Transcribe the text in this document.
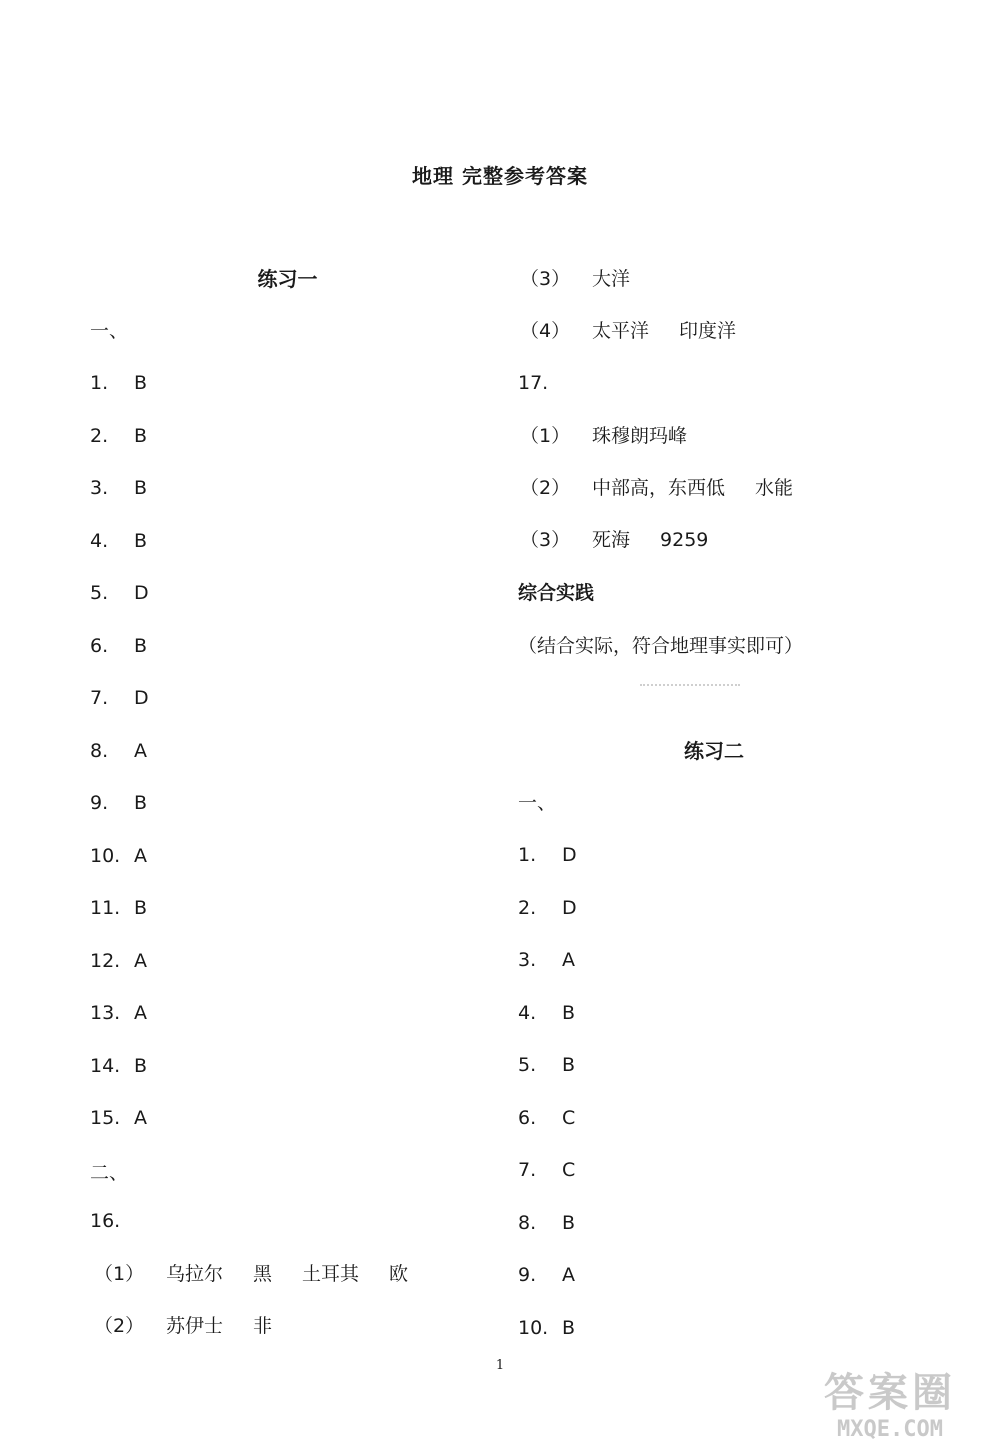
地理 完整参考答案
练习一
一、
1. B
2. B
3. B
4. B
5. D
6. B
7. D
8. A
9. B
10. A
11. B
12. A
13. A
14. B
15. A
二、
16.
（1） 乌拉尔 黑 土耳其 欧
（2） 苏伊士 非
（3） 大洋
（4） 太平洋 印度洋
17.
（1） 珠穆朗玛峰
（2） 中部高，东西低 水能
（3） 死海 9259
综合实践
（结合实际，符合地理事实即可）
练习二
一、
1. D
2. D
3. A
4. B
5. B
6. C
7. C
8. B
9. A
10. B
1
答案圈
MXQE.COM
